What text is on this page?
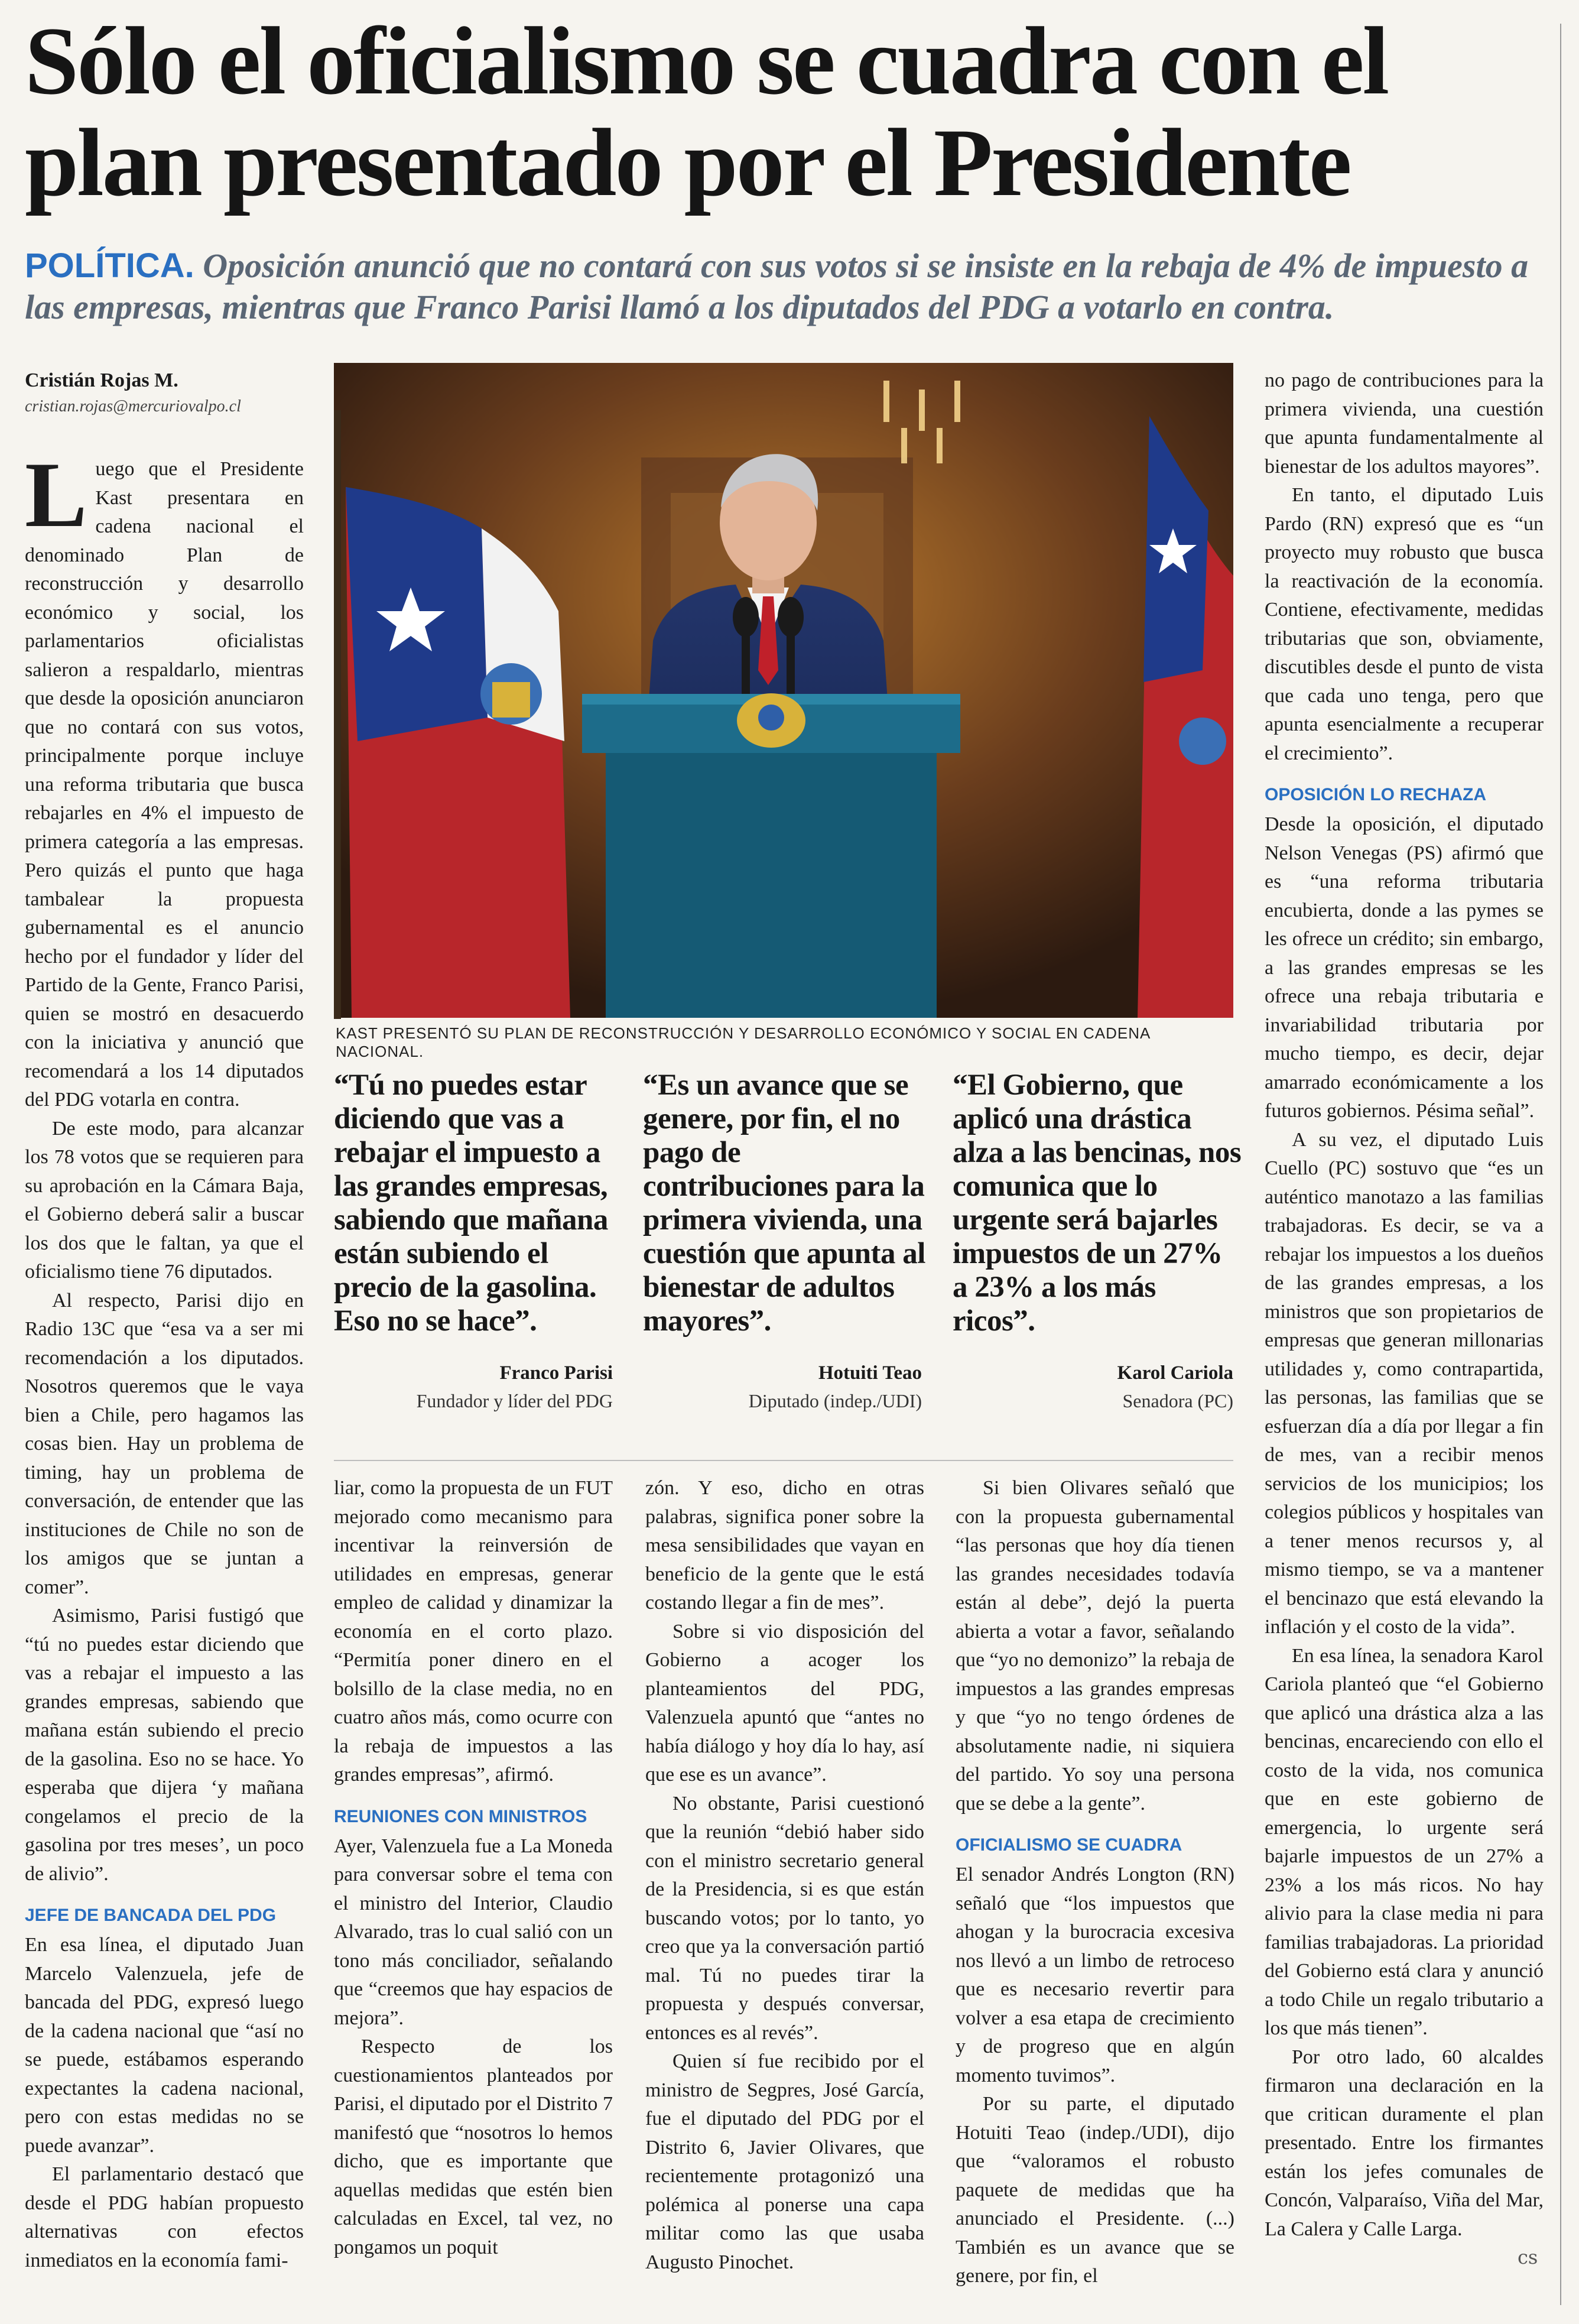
Sólo el oficialismo se cuadra con el plan presentado por el Presidente
POLÍTICA. Oposición anunció que no contará con sus votos si se insiste en la rebaja de 4% de impuesto a las empresas, mientras que Franco Parisi llamó a los diputados del PDG a votarlo en contra.
Cristián Rojas M.
cristian.rojas@mercuriovalpo.cl

Luego que el Presidente Kast presentara en cadena nacional el denominado Plan de reconstrucción y desarrollo económico y social, los parlamentarios oficialistas salieron a respaldarlo, mientras que desde la oposición anunciaron que no contará con sus votos, principalmente porque incluye una reforma tributaria que busca rebajarles en 4% el impuesto de primera categoría a las empresas. Pero quizás el punto que haga tambalear la propuesta gubernamental es el anuncio hecho por el fundador y líder del Partido de la Gente, Franco Parisi, quien se mostró en desacuerdo con la iniciativa y anunció que recomendará a los 14 diputados del PDG votarla en contra.

De este modo, para alcanzar los 78 votos que se requieren para su aprobación en la Cámara Baja, el Gobierno deberá salir a buscar los dos que le faltan, ya que el oficialismo tiene 76 diputados.

Al respecto, Parisi dijo en Radio 13C que “esa va a ser mi recomendación a los diputados. Nosotros queremos que le vaya bien a Chile, pero hagamos las cosas bien. Hay un problema de timing, hay un problema de conversación, de entender que las instituciones de Chile no son de los amigos que se juntan a comer”.

Asimismo, Parisi fustigó que “tú no puedes estar diciendo que vas a rebajar el impuesto a las grandes empresas, sabiendo que mañana están subiendo el precio de la gasolina. Eso no se hace. Yo esperaba que dijera ‘y mañana congelamos el precio de la gasolina por tres meses’, un poco de alivio”.

JEFE DE BANCADA DEL PDG

En esa línea, el diputado Juan Marcelo Valenzuela, jefe de bancada del PDG, expresó luego de la cadena nacional que “así no se puede, estábamos esperando expectantes la cadena nacional, pero con estas medidas no se puede avanzar”.

El parlamentario destacó que desde el PDG habían propuesto alternativas con efectos inmediatos en la economía fami-

KAST PRESENTÓ SU PLAN DE RECONSTRUCCIÓN Y DESARROLLO ECONÓMICO Y SOCIAL EN CADENA NACIONAL.
“Tú no puedes estar diciendo que vas a rebajar el impuesto a las grandes empresas, sabiendo que mañana están subiendo el precio de la gasolina. Eso no se hace”.
Franco Parisi
Fundador y líder del PDG
“Es un avance que se genere, por fin, el no pago de contribuciones para la primera vivienda, una cuestión que apunta al bienestar de adultos mayores”.
Hotuiti Teao
Diputado (indep./UDI)
“El Gobierno, que aplicó una drástica alza a las bencinas, nos comunica que lo urgente será bajarles impuestos de un 27% a 23% a los más ricos”.
Karol Cariola
Senadora (PC)

liar, como la propuesta de un FUT mejorado como mecanismo para incentivar la reinversión de utilidades en empresas, generar empleo de calidad y dinamizar la economía en el corto plazo. “Permitía poner dinero en el bolsillo de la clase media, no en cuatro años más, como ocurre con la rebaja de impuestos a las grandes empresas”, afirmó.

REUNIONES CON MINISTROS

Ayer, Valenzuela fue a La Moneda para conversar sobre el tema con el ministro del Interior, Claudio Alvarado, tras lo cual salió con un tono más conciliador, señalando que “creemos que hay espacios de mejora”.

Respecto de los cuestionamientos planteados por Parisi, el diputado por el Distrito 7 manifestó que “nosotros lo hemos dicho, que es importante que aquellas medidas que estén bien calculadas en Excel, tal vez, no pongamos un poquit

zón. Y eso, dicho en otras palabras, significa poner sobre la mesa sensibilidades que vayan en beneficio de la gente que le está costando llegar a fin de mes”.

Sobre si vio disposición del Gobierno a acoger los planteamientos del PDG, Valenzuela apuntó que “antes no había diálogo y hoy día lo hay, así que ese es un avance”.

No obstante, Parisi cuestionó que la reunión “debió haber sido con el ministro secretario general de la Presidencia, si es que están buscando votos; por lo tanto, yo creo que ya la conversación partió mal. Tú no puedes tirar la propuesta y después conversar, entonces es al revés”.

Quien sí fue recibido por el ministro de Segpres, José García, fue el diputado del PDG por el Distrito 6, Javier Olivares, que recientemente protagonizó una polémica al ponerse una capa militar como las que usaba Augusto Pinochet.

Si bien Olivares señaló que con la propuesta gubernamental “las personas que hoy día tienen las grandes necesidades todavía están al debe”, dejó la puerta abierta a votar a favor, señalando que “yo no demonizo” la rebaja de impuestos a las grandes empresas y que “yo no tengo órdenes de absolutamente nadie, ni siquiera del partido. Yo soy una persona que se debe a la gente”.

OFICIALISMO SE CUADRA

El senador Andrés Longton (RN) señaló que “los impuestos que ahogan y la burocracia excesiva nos llevó a un limbo de retroceso que es necesario revertir para volver a esa etapa de crecimiento y de progreso que en algún momento tuvimos”.

Por su parte, el diputado Hotuiti Teao (indep./UDI), dijo que “valoramos el robusto paquete de medidas que ha anunciado el Presidente. (...) También es un avance que se genere, por fin, el

no pago de contribuciones para la primera vivienda, una cuestión que apunta fundamentalmente al bienestar de los adultos mayores”.

En tanto, el diputado Luis Pardo (RN) expresó que es “un proyecto muy robusto que busca la reactivación de la economía. Contiene, efectivamente, medidas tributarias que son, obviamente, discutibles desde el punto de vista que cada uno tenga, pero que apunta esencialmente a recuperar el crecimiento”.

OPOSICIÓN LO RECHAZA

Desde la oposición, el diputado Nelson Venegas (PS) afirmó que es “una reforma tributaria encubierta, donde a las pymes se les ofrece un crédito; sin embargo, a las grandes empresas se les ofrece una rebaja tributaria e invariabilidad tributaria por mucho tiempo, es decir, dejar amarrado económicamente a los futuros gobiernos. Pésima señal”.

A su vez, el diputado Luis Cuello (PC) sostuvo que “es un auténtico manotazo a las familias trabajadoras. Es decir, se va a rebajar los impuestos a los dueños de las grandes empresas, a los ministros que son propietarios de empresas que generan millonarias utilidades y, como contrapartida, las personas, las familias que se esfuerzan día a día por llegar a fin de mes, van a recibir menos servicios de los municipios; los colegios públicos y hospitales van a tener menos recursos y, al mismo tiempo, se va a mantener el bencinazo que está elevando la inflación y el costo de la vida”.

En esa línea, la senadora Karol Cariola planteó que “el Gobierno que aplicó una drástica alza a las bencinas, encareciendo con ello el costo de la vida, nos comunica que en este gobierno de emergencia, lo urgente será bajarle impuestos de un 27% a 23% a los más ricos. No hay alivio para la clase media ni para familias trabajadoras. La prioridad del Gobierno está clara y anunció a todo Chile un regalo tributario a los que más tienen”.

Por otro lado, 60 alcaldes firmaron una declaración en la que critican duramente el plan presentado. Entre los firmantes están los jefes comunales de Concón, Valparaíso, Viña del Mar, La Calera y Calle Larga.

cs
